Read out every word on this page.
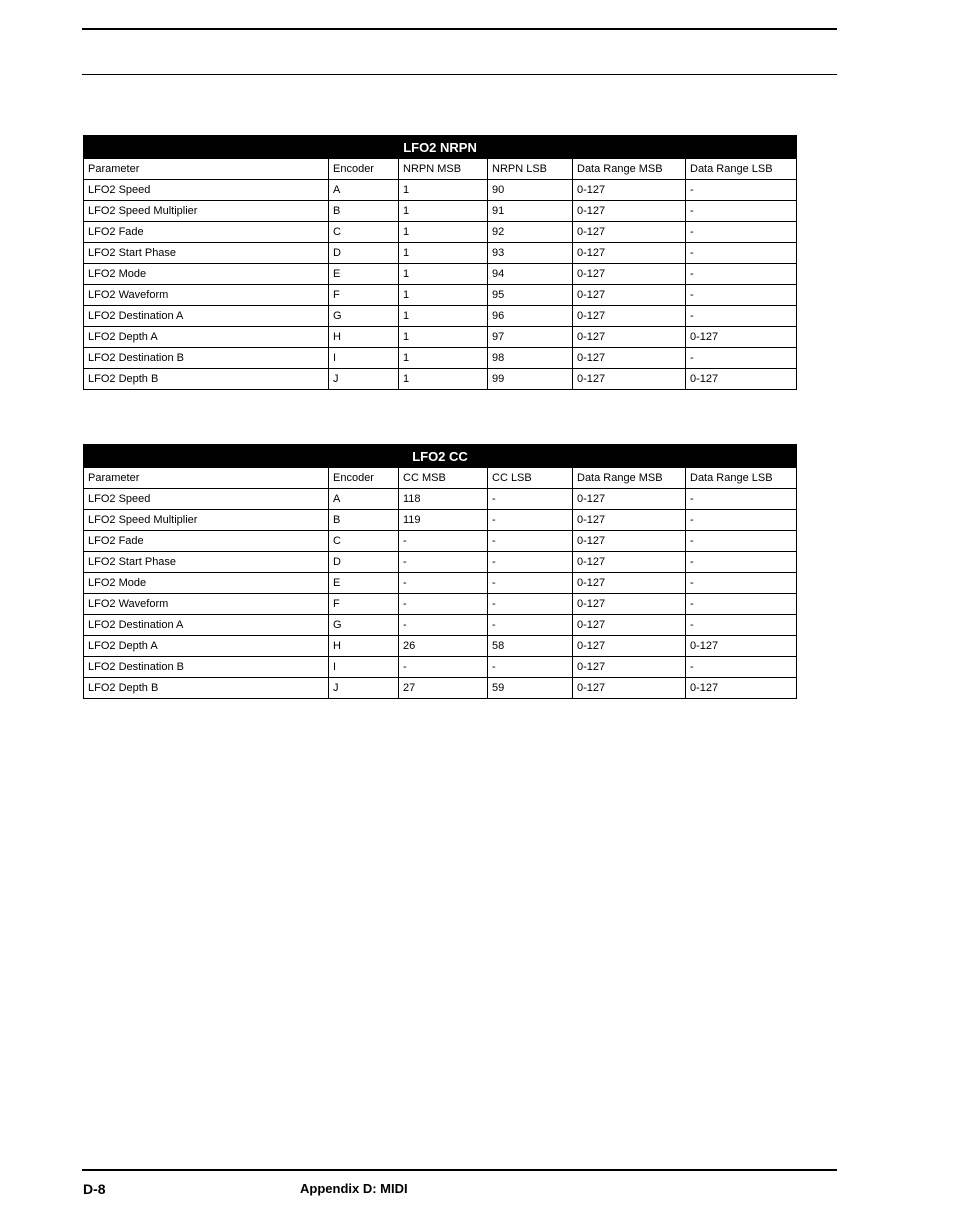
LFO2 NRPN					
Parameter	Encoder	NRPN MSB	NRPN LSB	Data Range MSB	Data Range LSB
LFO2 Speed	A	1	90	0-127	-
LFO2 Speed Multiplier	B	1	91	0-127	-
LFO2 Fade	C	1	92	0-127	-
LFO2 Start Phase	D	1	93	0-127	-
LFO2 Mode	E	1	94	0-127	-
LFO2 Waveform	F	1	95	0-127	-
LFO2 Destination A	G	1	96	0-127	-
LFO2 Depth A	H	1	97	0-127	0-127
LFO2 Destination B	I	1	98	0-127	-
LFO2 Depth B	J	1	99	0-127	0-127
LFO2 CC					
Parameter	Encoder	CC MSB	CC LSB	Data Range MSB	Data Range LSB
LFO2 Speed	A	118	-	0-127	-
LFO2 Speed Multiplier	B	119	-	0-127	-
LFO2 Fade	C	-	-	0-127	-
LFO2 Start Phase	D	-	-	0-127	-
LFO2 Mode	E	-	-	0-127	-
LFO2 Waveform	F	-	-	0-127	-
LFO2 Destination A	G	-	-	0-127	-
LFO2 Depth A	H	26	58	0-127	0-127
LFO2 Destination B	I	-	-	0-127	-
LFO2 Depth B	J	27	59	0-127	0-127
D-8	Appendix D: MIDI
